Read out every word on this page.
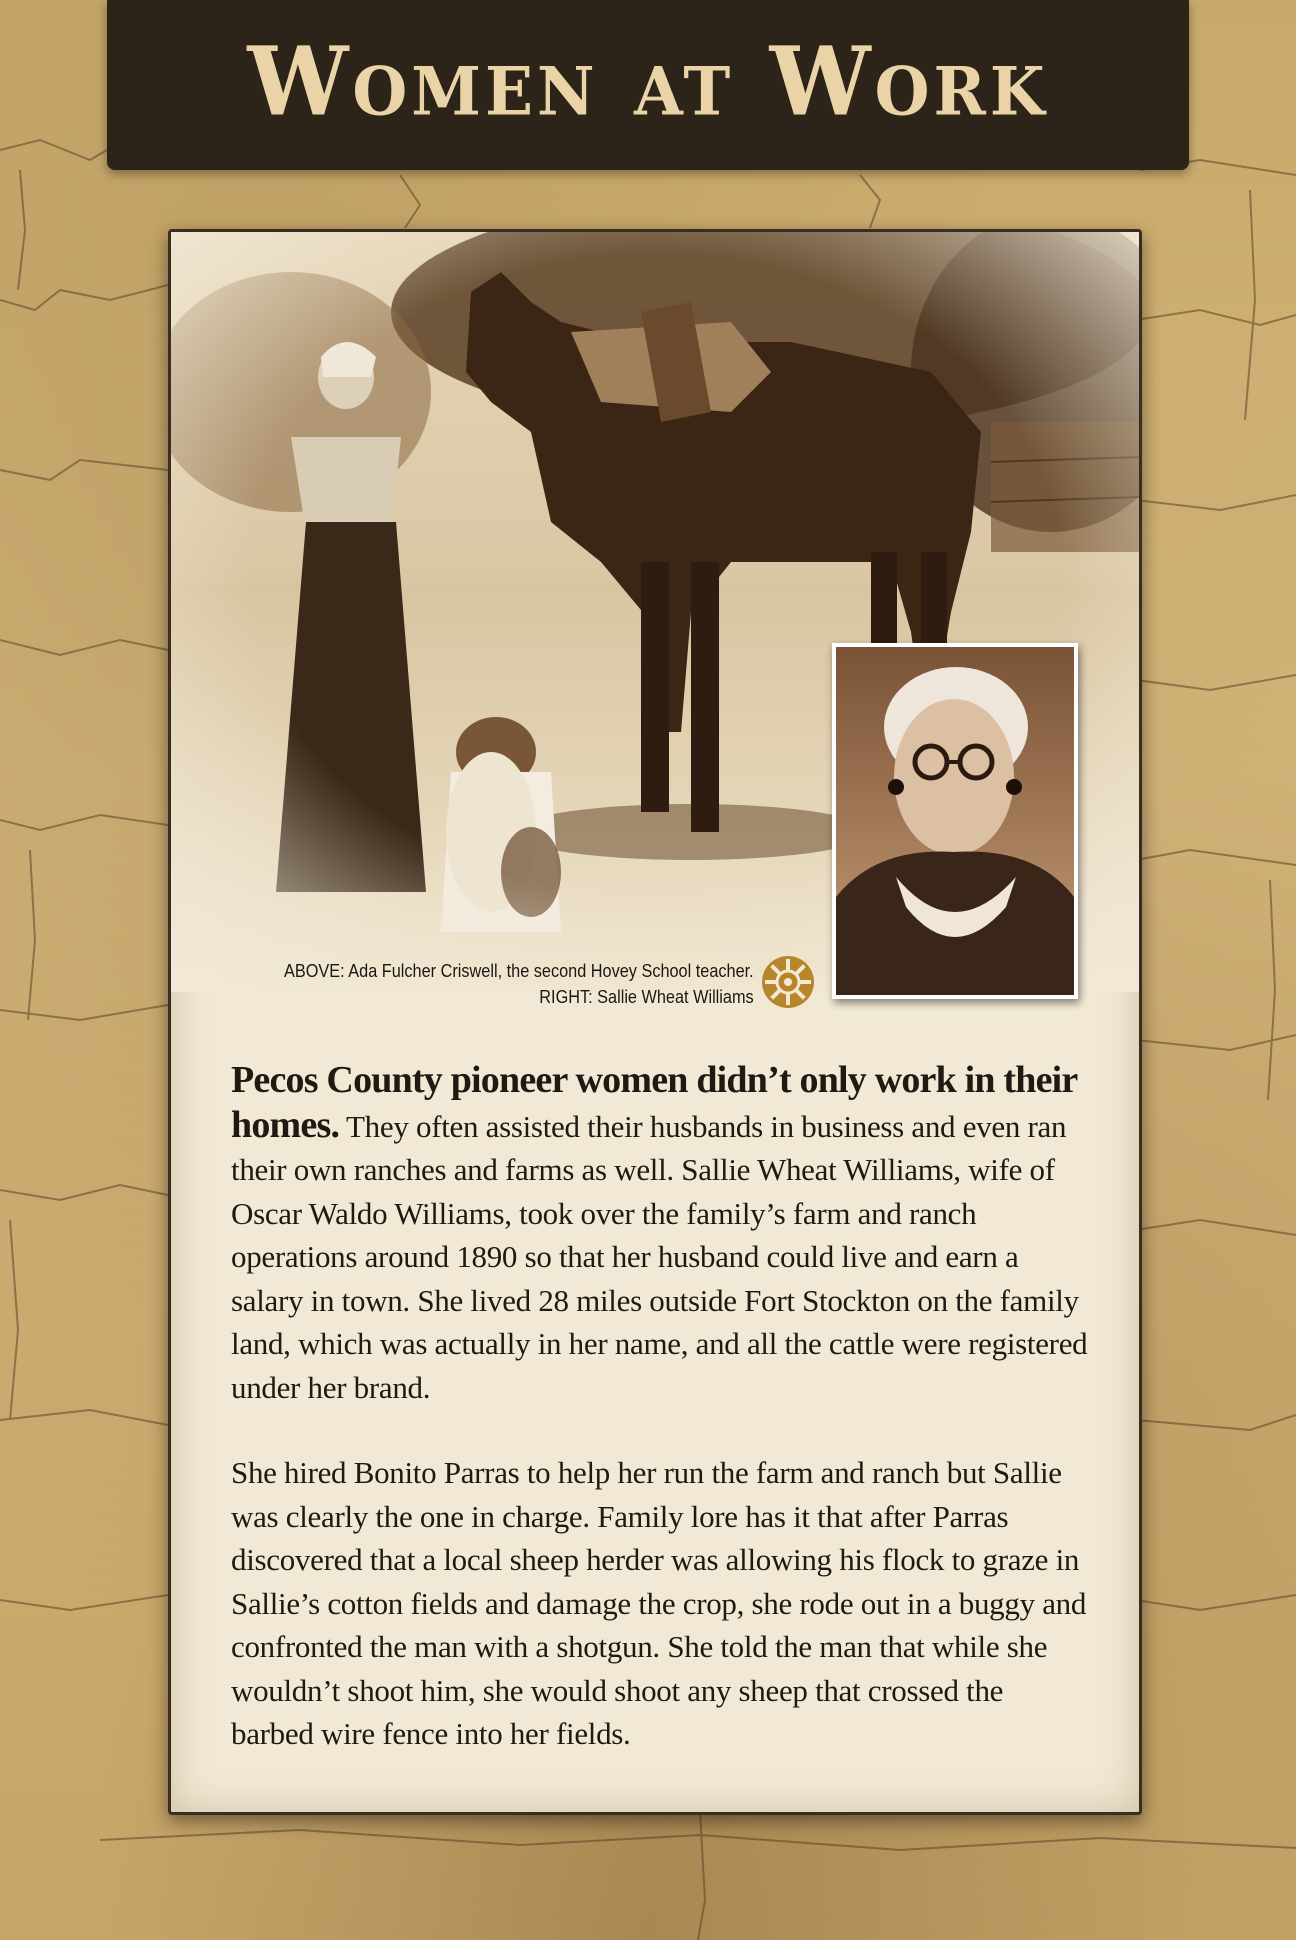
Women at Work
ABOVE: Ada Fulcher Criswell, the second Hovey School teacher.
RIGHT: Sallie Wheat Williams

Pecos County pioneer women didn’t only work in their homes. They often assisted their husbands in business and even ran their own ranches and farms as well. Sallie Wheat Williams, wife of Oscar Waldo Williams, took over the family’s farm and ranch operations around 1890 so that her husband could live and earn a salary in town. She lived 28 miles outside Fort Stockton on the family land, which was actually in her name, and all the cattle were registered under her brand.

She hired Bonito Parras to help her run the farm and ranch but Sallie was clearly the one in charge. Family lore has it that after Parras discovered that a local sheep herder was allowing his flock to graze in Sallie’s cotton fields and damage the crop, she rode out in a buggy and confronted the man with a shotgun. She told the man that while she wouldn’t shoot him, she would shoot any sheep that crossed the barbed wire fence into her fields.
